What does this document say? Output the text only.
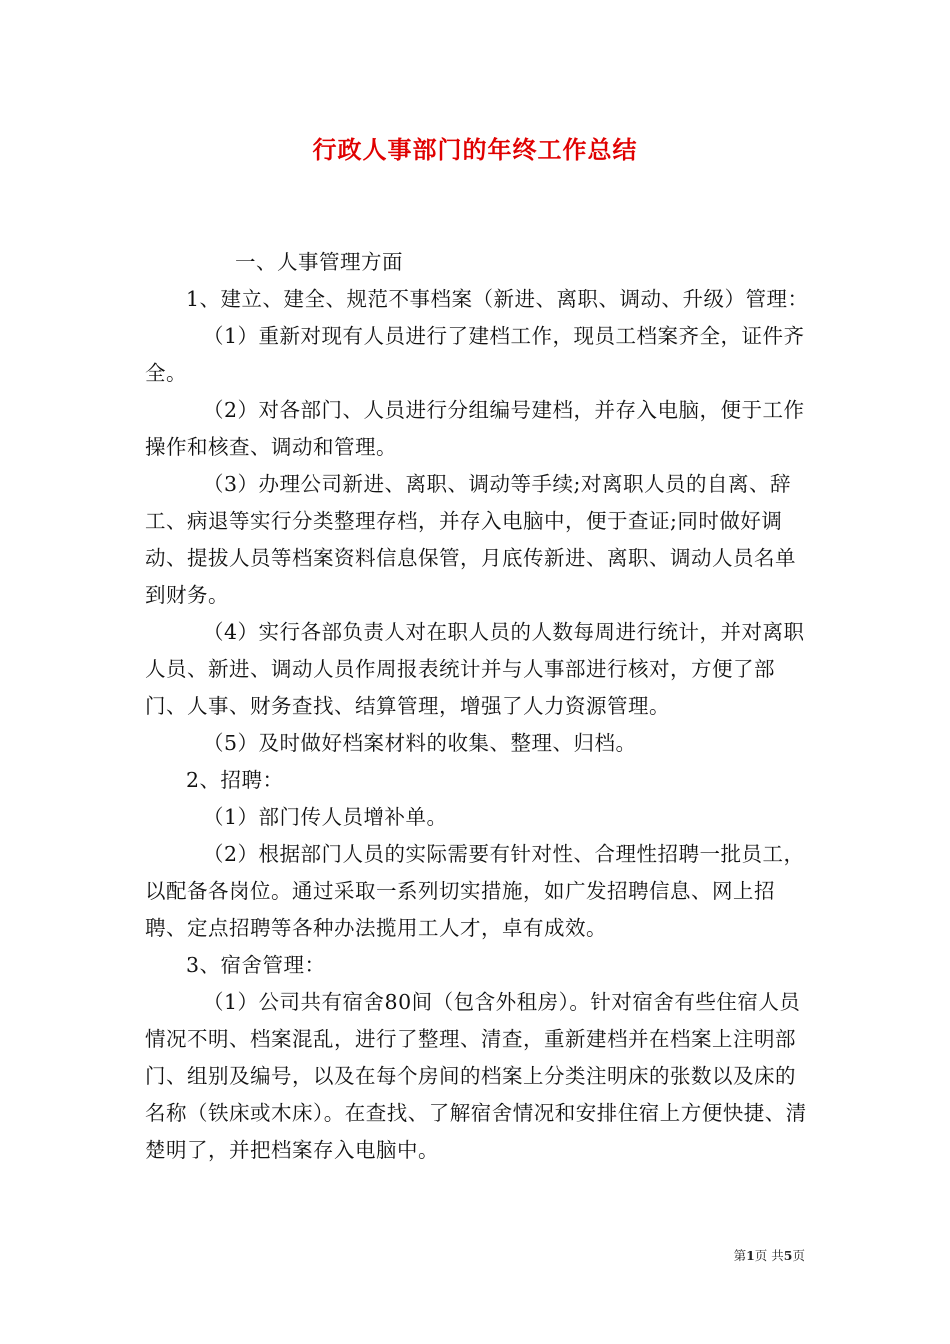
行政人事部门的年终工作总结

一、人事管理方面

1、建立、建全、规范不事档案（新进、离职、调动、升级）管理：

（1）重新对现有人员进行了建档工作，现员工档案齐全，证件齐全。

（2）对各部门、人员进行分组编号建档，并存入电脑，便于工作操作和核查、调动和管理。

（3）办理公司新进、离职、调动等手续;对离职人员的自离、辞工、病退等实行分类整理存档，并存入电脑中，便于查证;同时做好调动、提拔人员等档案资料信息保管，月底传新进、离职、调动人员名单到财务。

（4）实行各部负责人对在职人员的人数每周进行统计，并对离职人员、新进、调动人员作周报表统计并与人事部进行核对，方便了部门、人事、财务查找、结算管理，增强了人力资源管理。

（5）及时做好档案材料的收集、整理、归档。

2、招聘：

（1）部门传人员增补单。

（2）根据部门人员的实际需要有针对性、合理性招聘一批员工，以配备各岗位。通过采取一系列切实措施，如广发招聘信息、网上招聘、定点招聘等各种办法揽用工人才，卓有成效。

3、宿舍管理：

（1）公司共有宿舍80间（包含外租房）。针对宿舍有些住宿人员情况不明、档案混乱，进行了整理、清查，重新建档并在档案上注明部门、组别及编号，以及在每个房间的档案上分类注明床的张数以及床的名称（铁床或木床）。在查找、了解宿舍情况和安排住宿上方便快捷、清楚明了，并把档案存入电脑中。

第1页 共5页
